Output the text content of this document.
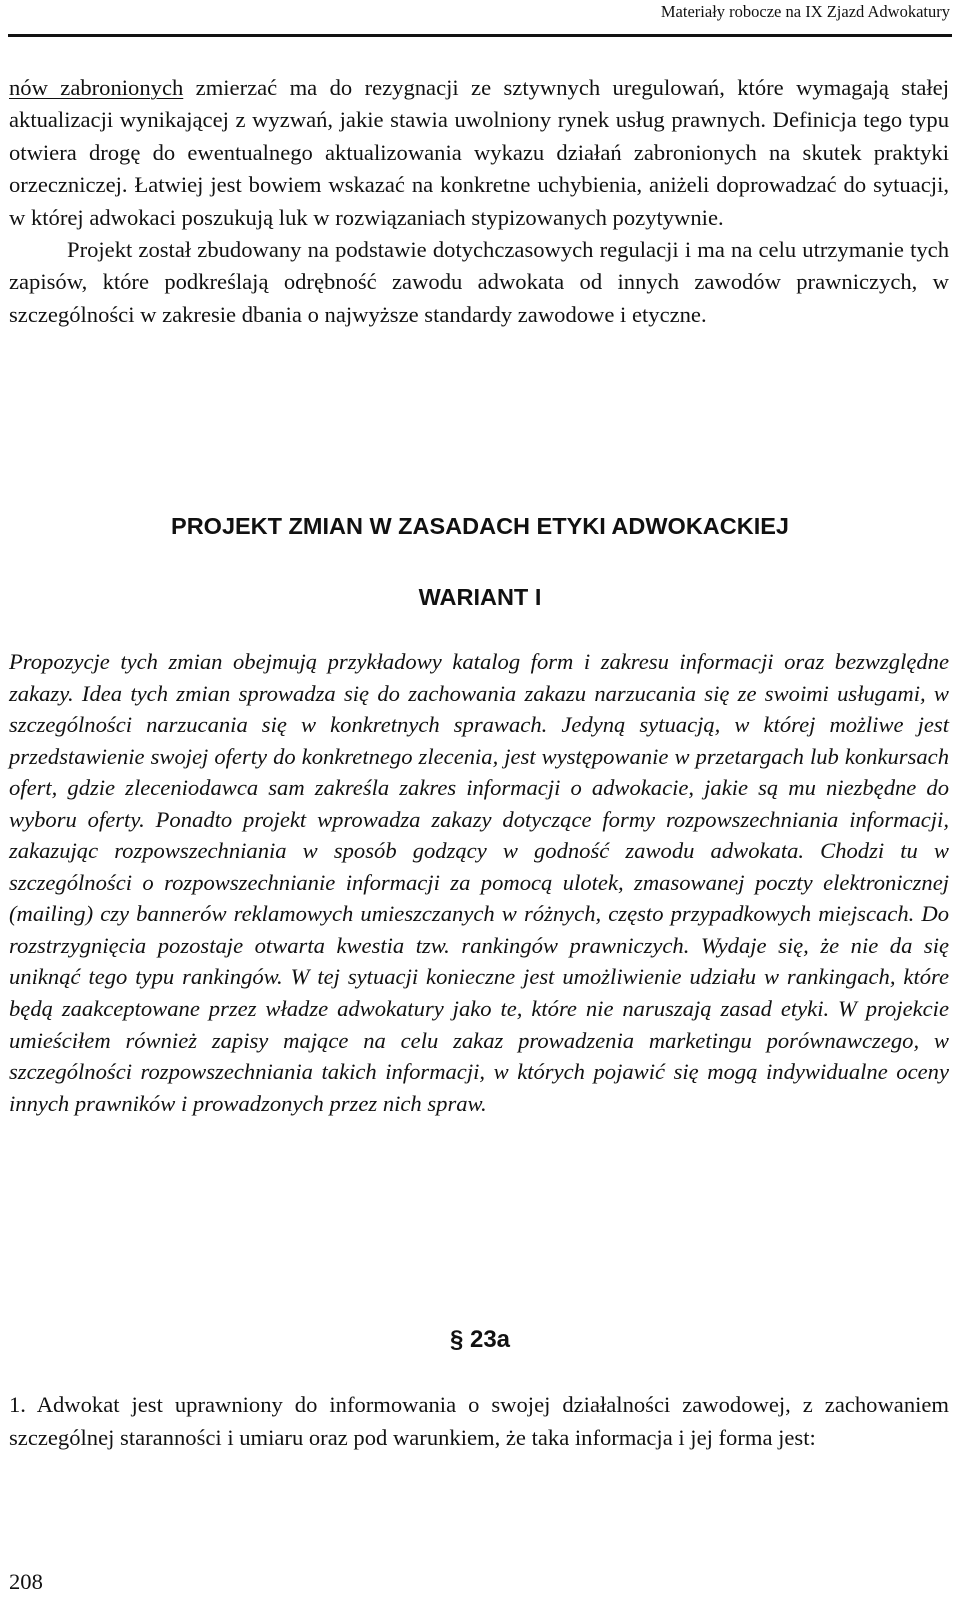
Materiały robocze na IX Zjazd Adwokatury

nów zabronionych zmierzać ma do rezygnacji ze sztywnych uregulowań, które wymagają stałej aktualizacji wynikającej z wyzwań, jakie stawia uwolniony rynek usług prawnych. Definicja tego typu otwiera drogę do ewentualnego aktualizowania wykazu działań zabronionych na skutek praktyki orzeczniczej. Łatwiej jest bowiem wskazać na konkretne uchybienia, aniżeli doprowadzać do sytuacji, w której adwokaci poszukują luk w rozwiązaniach stypizowanych pozytywnie.

Projekt został zbudowany na podstawie dotychczasowych regulacji i ma na celu utrzymanie tych zapisów, które podkreślają odrębność zawodu adwokata od innych zawodów prawniczych, w szczególności w zakresie dbania o najwyższe standardy zawodowe i etyczne.

PROJEKT ZMIAN W ZASADACH ETYKI ADWOKACKIEJ
WARIANT I

Propozycje tych zmian obejmują przykładowy katalog form i zakresu informacji oraz bezwzględne zakazy. Idea tych zmian sprowadza się do zachowania zakazu narzucania się ze swoimi usługami, w szczególności narzucania się w konkretnych sprawach. Jedyną sytuacją, w której możliwe jest przedstawienie swojej oferty do konkretnego zlecenia, jest występowanie w przetargach lub konkursach ofert, gdzie zleceniodawca sam zakreśla zakres informacji o adwokacie, jakie są mu niezbędne do wyboru oferty. Ponadto projekt wprowadza zakazy dotyczące formy rozpowszechniania informacji, zakazując rozpowszechniania w sposób godzący w godność zawodu adwokata. Chodzi tu w szczególności o rozpowszechnianie informacji za pomocą ulotek, zmasowanej poczty elektronicznej (mailing) czy bannerów reklamowych umieszczanych w różnych, często przypadkowych miejscach. Do rozstrzygnięcia pozostaje otwarta kwestia tzw. rankingów prawniczych. Wydaje się, że nie da się uniknąć tego typu rankingów. W tej sytuacji konieczne jest umożliwienie udziału w rankingach, które będą zaakceptowane przez władze adwokatury jako te, które nie naruszają zasad etyki. W projekcie umieściłem również zapisy mające na celu zakaz prowadzenia marketingu porównawczego, w szczególności rozpowszechniania takich informacji, w których pojawić się mogą indywidualne oceny innych prawników i prowadzonych przez nich spraw.

§ 23a

1. Adwokat jest uprawniony do informowania o swojej działalności zawodowej, z zachowaniem szczególnej staranności i umiaru oraz pod warunkiem, że taka informacja i jej forma jest:

208
